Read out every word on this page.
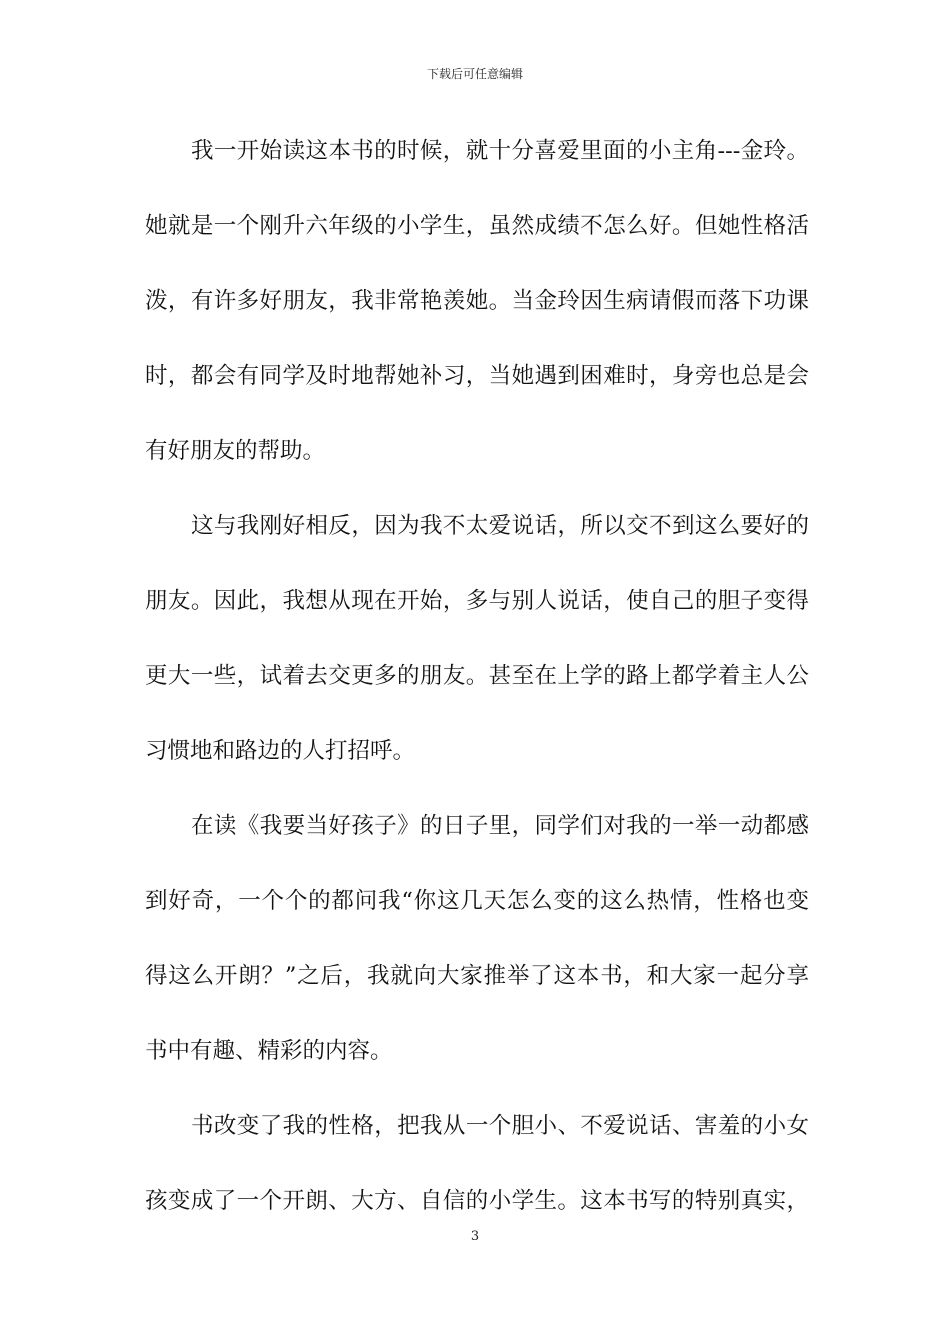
下载后可任意编辑
我一开始读这本书的时候，就十分喜爱里面的小主角---金玲。
她就是一个刚升六年级的小学生，虽然成绩不怎么好。但她性格活
泼，有许多好朋友，我非常艳羡她。当金玲因生病请假而落下功课
时，都会有同学及时地帮她补习，当她遇到困难时，身旁也总是会
有好朋友的帮助。
这与我刚好相反，因为我不太爱说话，所以交不到这么要好的
朋友。因此，我想从现在开始，多与别人说话，使自己的胆子变得
更大一些，试着去交更多的朋友。甚至在上学的路上都学着主人公
习惯地和路边的人打招呼。
在读《我要当好孩子》的日子里，同学们对我的一举一动都感
到好奇，一个个的都问我“你这几天怎么变的这么热情，性格也变
得这么开朗？”之后，我就向大家推举了这本书，和大家一起分享
书中有趣、精彩的内容。
书改变了我的性格，把我从一个胆小、不爱说话、害羞的小女
孩变成了一个开朗、大方、自信的小学生。这本书写的特别真实，
3
